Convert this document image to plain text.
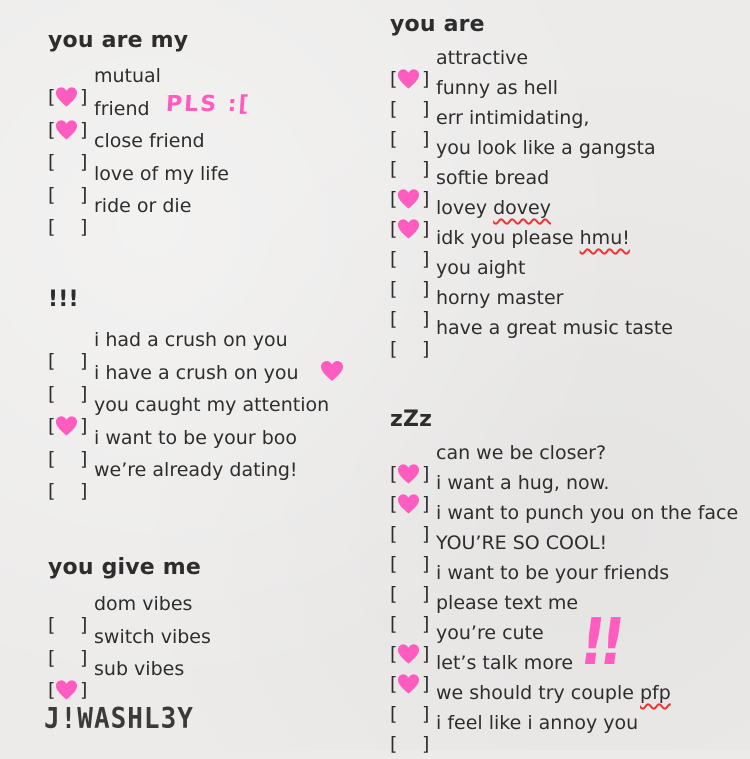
you are my
[ ]
mutual
[ ]
friend
[ ]
close friend
[ ]
love of my life
[ ]
ride or die
PLS :[
!!!
[ ]
i had a crush on you
[ ]
i have a crush on you
[ ]
you caught my attention
[ ]
i want to be your boo
[ ]
we’re already dating!
you give me
[ ]
dom vibes
[ ]
switch vibes
[ ]
sub vibes
you are
[ ]
attractive
[ ]
funny as hell
[ ]
err intimidating,
[ ]
you look like a gangsta
[ ]
softie bread
[ ]
lovey dovey
[ ]
idk you please hmu!
[ ]
you aight
[ ]
horny master
[ ]
have a great music taste
zZz
[ ]
can we be closer?
[ ]
i want a hug, now.
[ ]
i want to punch you on the face
[ ]
YOU’RE SO COOL!
[ ]
i want to be your friends
[ ]
please text me
[ ]
you’re cute
[ ]
let’s talk more
[ ]
we should try couple pfp
[ ]
i feel like i annoy you
!!
J!WASHL3Y
